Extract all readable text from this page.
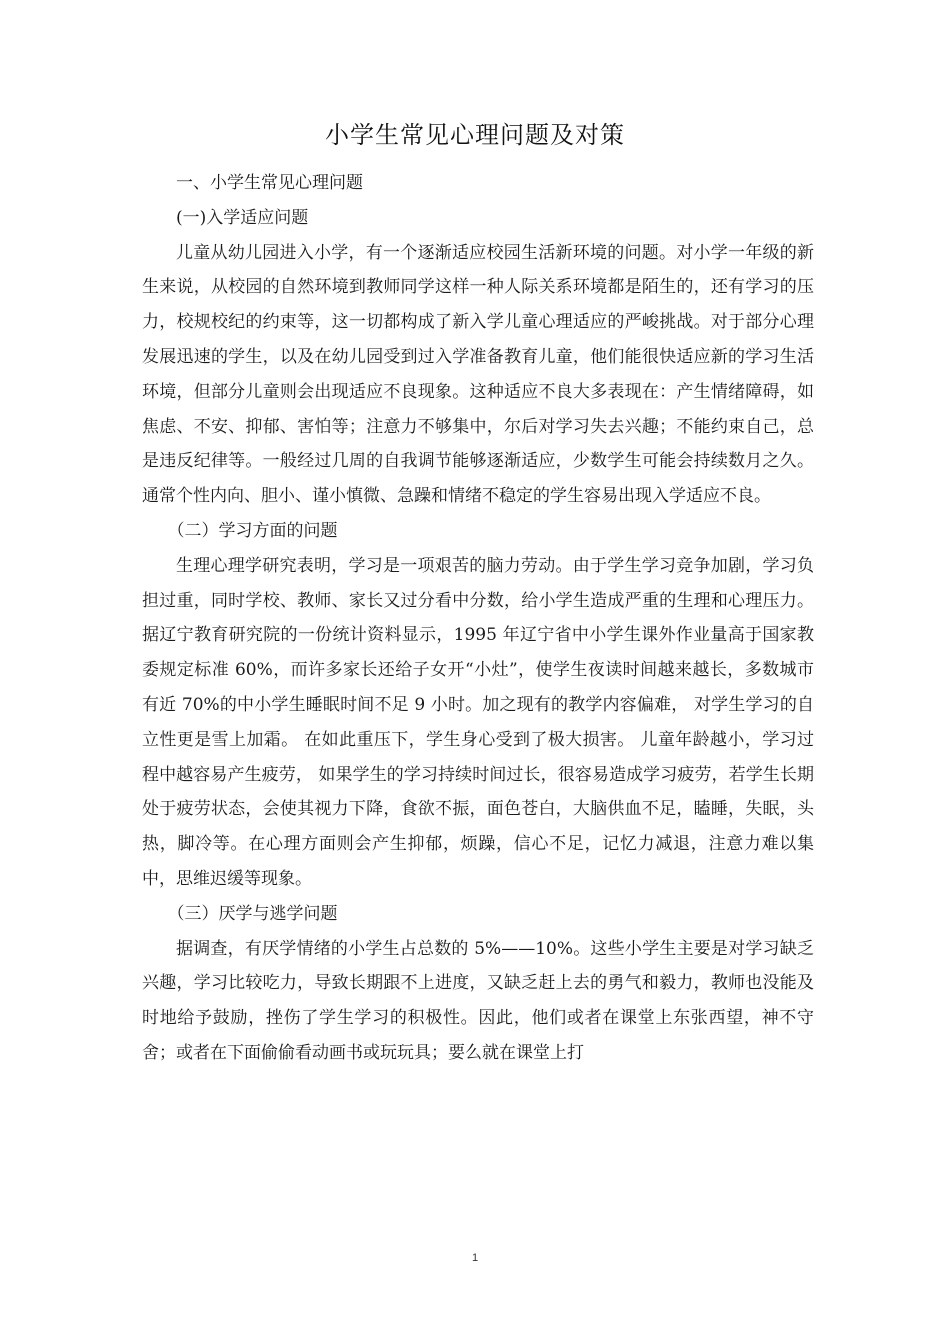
小学生常见心理问题及对策

一、小学生常见心理问题

(一)入学适应问题

儿童从幼儿园进入小学，有一个逐渐适应校园生活新环境的问题。对小学一年级的新生来说，从校园的自然环境到教师同学这样一种人际关系环境都是陌生的，还有学习的压力，校规校纪的约束等，这一切都构成了新入学儿童心理适应的严峻挑战。对于部分心理发展迅速的学生，以及在幼儿园受到过入学准备教育儿童，他们能很快适应新的学习生活环境，但部分儿童则会出现适应不良现象。这种适应不良大多表现在：产生情绪障碍，如焦虑、不安、抑郁、害怕等；注意力不够集中，尔后对学习失去兴趣；不能约束自己，总是违反纪律等。一般经过几周的自我调节能够逐渐适应，少数学生可能会持续数月之久。通常个性内向、胆小、谨小慎微、急躁和情绪不稳定的学生容易出现入学适应不良。

（二）学习方面的问题

生理心理学研究表明，学习是一项艰苦的脑力劳动。由于学生学习竞争加剧，学习负担过重，同时学校、教师、家长又过分看中分数，给小学生造成严重的生理和心理压力。据辽宁教育研究院的一份统计资料显示，1995 年辽宁省中小学生课外作业量高于国家教委规定标准 60%，而许多家长还给子女开“小灶”，使学生夜读时间越来越长，多数城市有近 70%的中小学生睡眠时间不足 9 小时。加之现有的教学内容偏难， 对学生学习的自立性更是雪上加霜。 在如此重压下，学生身心受到了极大损害。 儿童年龄越小，学习过程中越容易产生疲劳， 如果学生的学习持续时间过长，很容易造成学习疲劳，若学生长期处于疲劳状态，会使其视力下降，食欲不振，面色苍白，大脑供血不足，瞌睡，失眠，头热，脚冷等。在心理方面则会产生抑郁，烦躁，信心不足，记忆力减退，注意力难以集中，思维迟缓等现象。

（三）厌学与逃学问题

据调查，有厌学情绪的小学生占总数的 5%——10%。这些小学生主要是对学习缺乏兴趣，学习比较吃力，导致长期跟不上进度，又缺乏赶上去的勇气和毅力，教师也没能及时地给予鼓励，挫伤了学生学习的积极性。因此，他们或者在课堂上东张西望，神不守舍；或者在下面偷偷看动画书或玩玩具；要么就在课堂上打

1
